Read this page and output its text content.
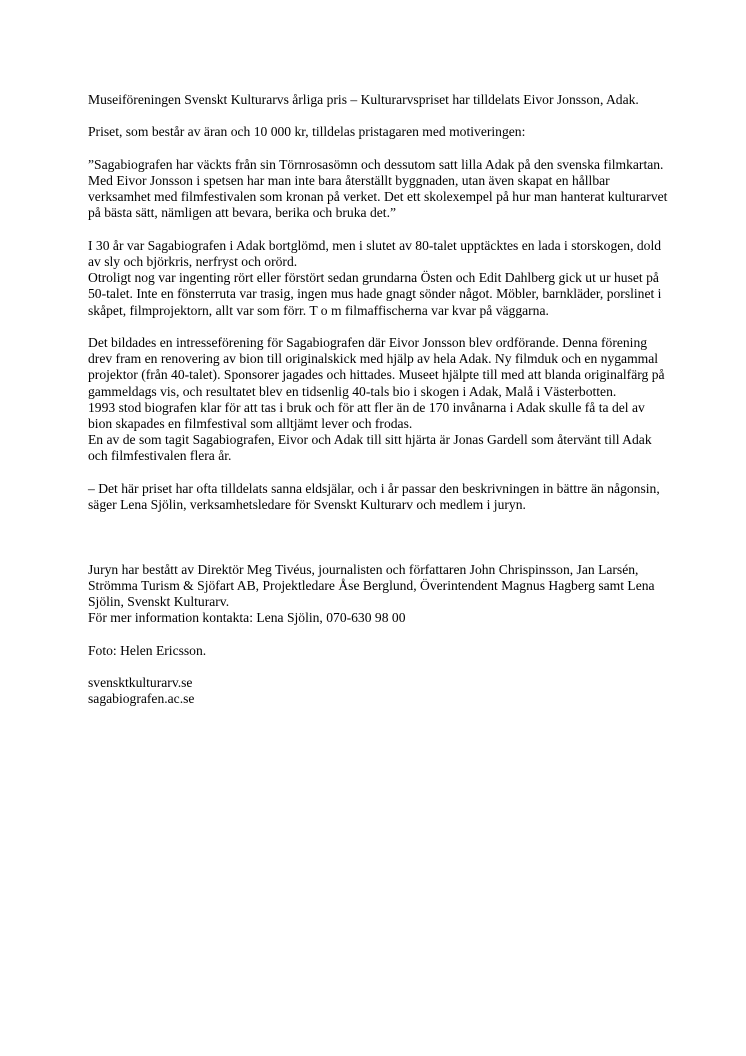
Museiföreningen Svenskt Kulturarvs årliga pris – Kulturarvspriset har tilldelats Eivor Jonsson, Adak.

Priset, som består av äran och 10 000 kr, tilldelas pristagaren med motiveringen:

”Sagabiografen har väckts från sin Törnrosasömn och dessutom satt lilla Adak på den svenska filmkartan. Med Eivor Jonsson i spetsen har man inte bara återställt byggnaden, utan även skapat en hållbar verksamhet med filmfestivalen som kronan på verket. Det ett skolexempel på hur man hanterat kulturarvet på bästa sätt, nämligen att bevara, berika och bruka det.”

I 30 år var Sagabiografen i Adak bortglömd, men i slutet av 80-talet upptäcktes en lada i storskogen, dold av sly och björkris, nerfryst och orörd.
Otroligt nog var ingenting rört eller förstört sedan grundarna Östen och Edit Dahlberg gick ut ur huset på 50-talet. Inte en fönsterruta var trasig, ingen mus hade gnagt sönder något. Möbler, barnkläder, porslinet i skåpet, filmprojektorn, allt var som förr. T o m filmaffischerna var kvar på väggarna.

Det bildades en intresseförening för Sagabiografen där Eivor Jonsson blev ordförande. Denna förening drev fram en renovering av bion till originalskick med hjälp av hela Adak. Ny filmduk och en nygammal projektor (från 40-talet). Sponsorer jagades och hittades. Museet hjälpte till med att blanda originalfärg på gammeldags vis, och resultatet blev en tidsenlig 40-tals bio i skogen i Adak, Malå i Västerbotten.
1993 stod biografen klar för att tas i bruk och för att fler än de 170 invånarna i Adak skulle få ta del av bion skapades en filmfestival som alltjämt lever och frodas.
En av de som tagit Sagabiografen, Eivor och Adak till sitt hjärta är Jonas Gardell som återvänt till Adak och filmfestivalen flera år.

– Det här priset har ofta tilldelats sanna eldsjälar, och i år passar den beskrivningen in bättre än någonsin, säger Lena Sjölin, verksamhetsledare för Svenskt Kulturarv och medlem i juryn.

Juryn har bestått av Direktör Meg Tivéus, journalisten och författaren John Chrispinsson, Jan Larsén, Strömma Turism & Sjöfart AB, Projektledare Åse Berglund, Överintendent Magnus Hagberg samt Lena Sjölin, Svenskt Kulturarv.
För mer information kontakta: Lena Sjölin, 070-630 98 00

Foto: Helen Ericsson.

svensktkulturarv.se
sagabiografen.ac.se
